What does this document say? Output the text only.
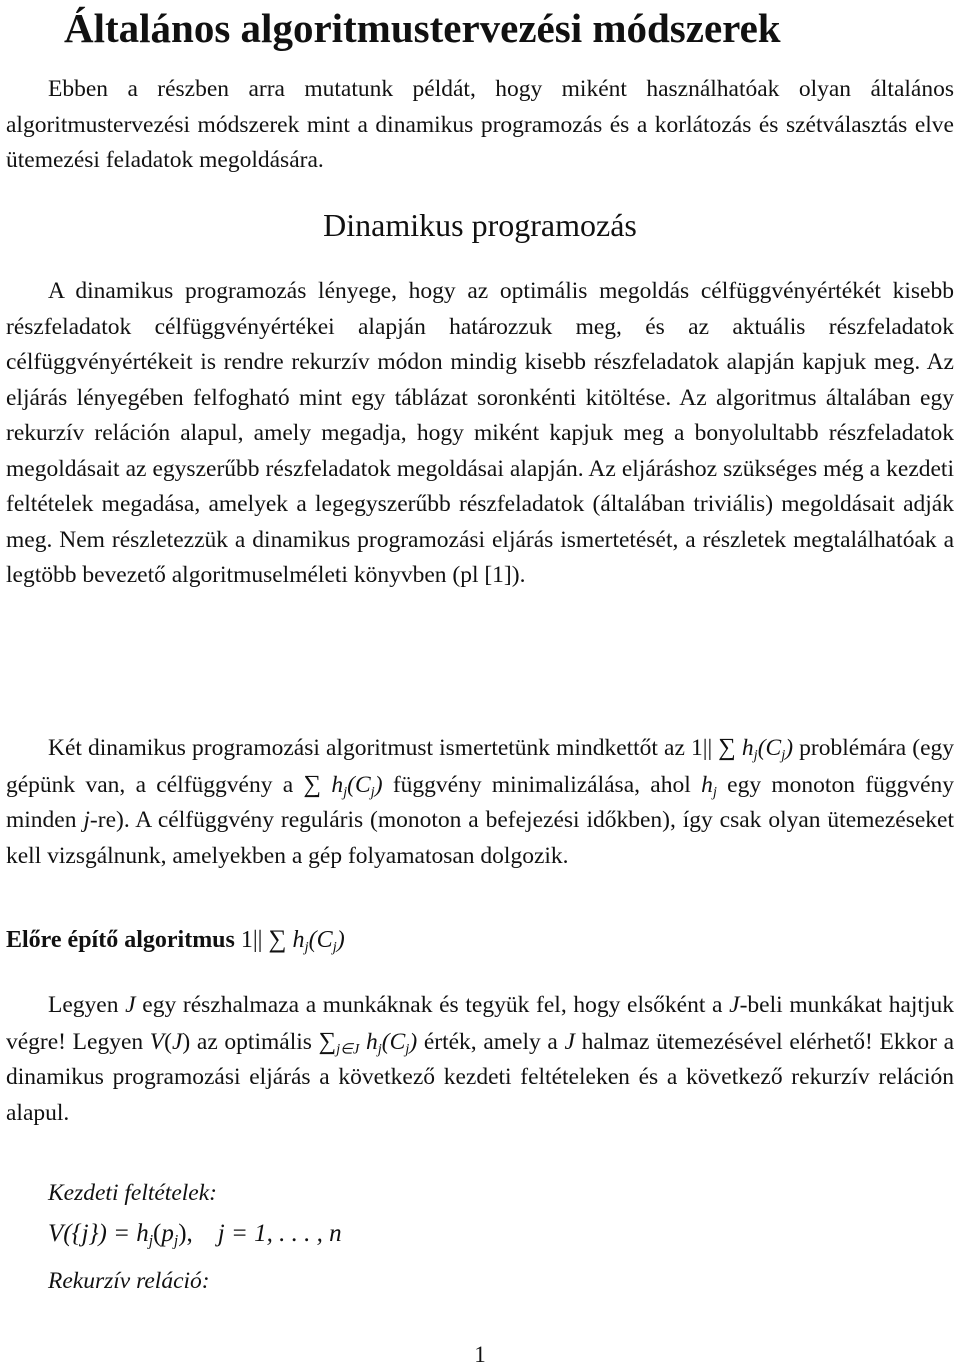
Általános algoritmustervezési módszerek

Ebben a részben arra mutatunk példát, hogy miként használhatóak olyan általános algoritmustervezési módszerek mint a dinamikus programozás és a korlátozás és szétválasztás elve ütemezési feladatok megoldására.

Dinamikus programozás

A dinamikus programozás lényege, hogy az optimális megoldás célfüggvényértékét kisebb részfeladatok célfüggvényértékei alapján határozzuk meg, és az aktuális részfeladatok célfüggvényértékeit is rendre rekurzív módon mindig kisebb részfeladatok alapján kapjuk meg. Az eljárás lényegében felfogható mint egy táblázat soronkénti kitöltése. Az algoritmus általában egy rekurzív reláción alapul, amely megadja, hogy miként kapjuk meg a bonyolultabb részfeladatok megoldásait az egyszerűbb részfeladatok megoldásai alapján. Az eljáráshoz szükséges még a kezdeti feltételek megadása, amelyek a legegyszerűbb részfeladatok (általában triviális) megoldásait adják meg. Nem részletezzük a dinamikus programozási eljárás ismertetését, a részletek megtalálhatóak a legtöbb bevezető algoritmuselméleti könyvben (pl [1]).

Két dinamikus programozási algoritmust ismertetünk mindkettőt az 1|| ∑ $h_j(C_j)$ problémára (egy gépünk van, a célfüggvény a ∑ $h_j(C_j)$ függvény minimalizálása, ahol $h_j$ egy monoton függvény minden j-re). A célfüggvény reguláris (monoton a befejezési időkben), így csak olyan ütemezéseket kell vizsgálnunk, amelyekben a gép folyamatosan dolgozik.

Előre építő algoritmus 1|| ∑ $h_j(C_j)$

Legyen J egy részhalmaza a munkáknak és tegyük fel, hogy elsőként a J-beli munkákat hajtjuk végre! Legyen V(J) az optimális $\sum_{j\in J}$ $h_j(C_j)$ érték, amely a J halmaz ütemezésével elérhető! Ekkor a dinamikus programozási eljárás a következő kezdeti feltételeken és a következő rekurzív reláción alapul.

Kezdeti feltételek:

$V(\{j\}) = h_j(p_j)$,    j = 1, . . . , n

Rekurzív reláció:

1
